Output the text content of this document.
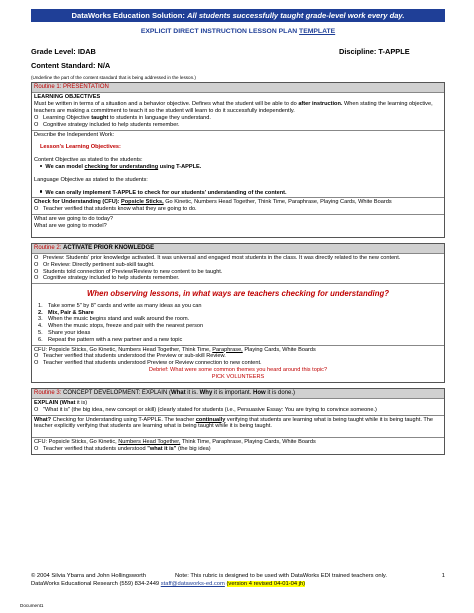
DataWorks Education Solution: All students successfully taught grade-level work every day.
EXPLICIT DIRECT INSTRUCTION LESSON PLAN TEMPLATE
Grade Level: IDAB	Discipline: T-APPLE
Content Standard: N/A
(Underline the part of the content standard that is being addressed in the lesson.)
Routine 1: PRESENTATION
LEARNING OBJECTIVES
Must be written in terms of a situation and a behavior objective. Defines what the student will be able to do after instruction. When stating the learning objective, teachers are making a commitment to teach it so the student will learn to do it successfully independently.
O Learning Objective taught to students in language they understand.
O Cognitive strategy included to help students remember.
Describe the Independent Work:
Lesson's Learning Objectives:
Content Objective as stated to the students:
We can model checking for understanding using T-APPLE.
Language Objective as stated to the students:
We can orally implement T-APPLE to check for our students' understanding of the content.
Check for Understanding (CFU): Popsicle Sticks, Go Kinetic, Numbers Head Together, Think Time, Paraphrase, Playing Cards, White Boards
O Teacher verified that students know what they are going to do.
What are we going to do today?
What are we going to model?
Routine 2: ACTIVATE PRIOR KNOWLEDGE
O Preview: Students' prior knowledge activated. It was universal and engaged most students in the class. It was directly related to the new content.
O Or Review: Directly pertinent sub-skill taught.
O Students told connection of Preview/Review to new content to be taught.
O Cognitive strategy included to help students remember.
When observing lessons, in what ways are teachers checking for understanding?
1. Take some 5" by 8" cards and write as many ideas as you can
2. Mix, Pair & Share
3. When the music begins stand and walk around the room.
4. When the music stops, freeze and pair with the nearest person
5. Share your ideas
6. Repeat the pattern with a new partner and a new topic
CFU: Popsicle Sticks, Go Kinetic, Numbers Head Together, Think Time, Paraphrase, Playing Cards, White Boards
O Teacher verified that students understood the Preview or sub-skill Review.
O Teacher verified that students understood Preview or Review connection to new content.
Debrief: What were some common themes you heard around this topic?
PICK VOLUNTEERS
Routine 3: CONCEPT DEVELOPMENT: EXPLAIN (What it is. Why it is important. How it is done.)
EXPLAIN (What it is)
O "What it is" (the big idea, new concept or skill) (clearly stated for students (i.e., Persuasive Essay: You are trying to convince someone.)
What? Checking for Understanding using T-APPLE. The teacher continually verifying that students are learning what is being taught while it is being taught. The teacher explicitly verifying that students are learning what is being taught while it is being taught.
CFU: Popsicle Sticks, Go Kinetic, Numbers Head Together, Think Time, Paraphrase, Playing Cards, White Boards
O Teacher verified that students understood "what it is" (the big idea)
© 2004 Silvia Ybarra and John Hollingsworth	Note: This rubric is designed to be used with DataWorks EDI trained teachers only.	1
DataWorks Educational Research (559) 834-2449 staff@dataworks-ed.com (version 4 revised 04-01-04 jh)
Document1
